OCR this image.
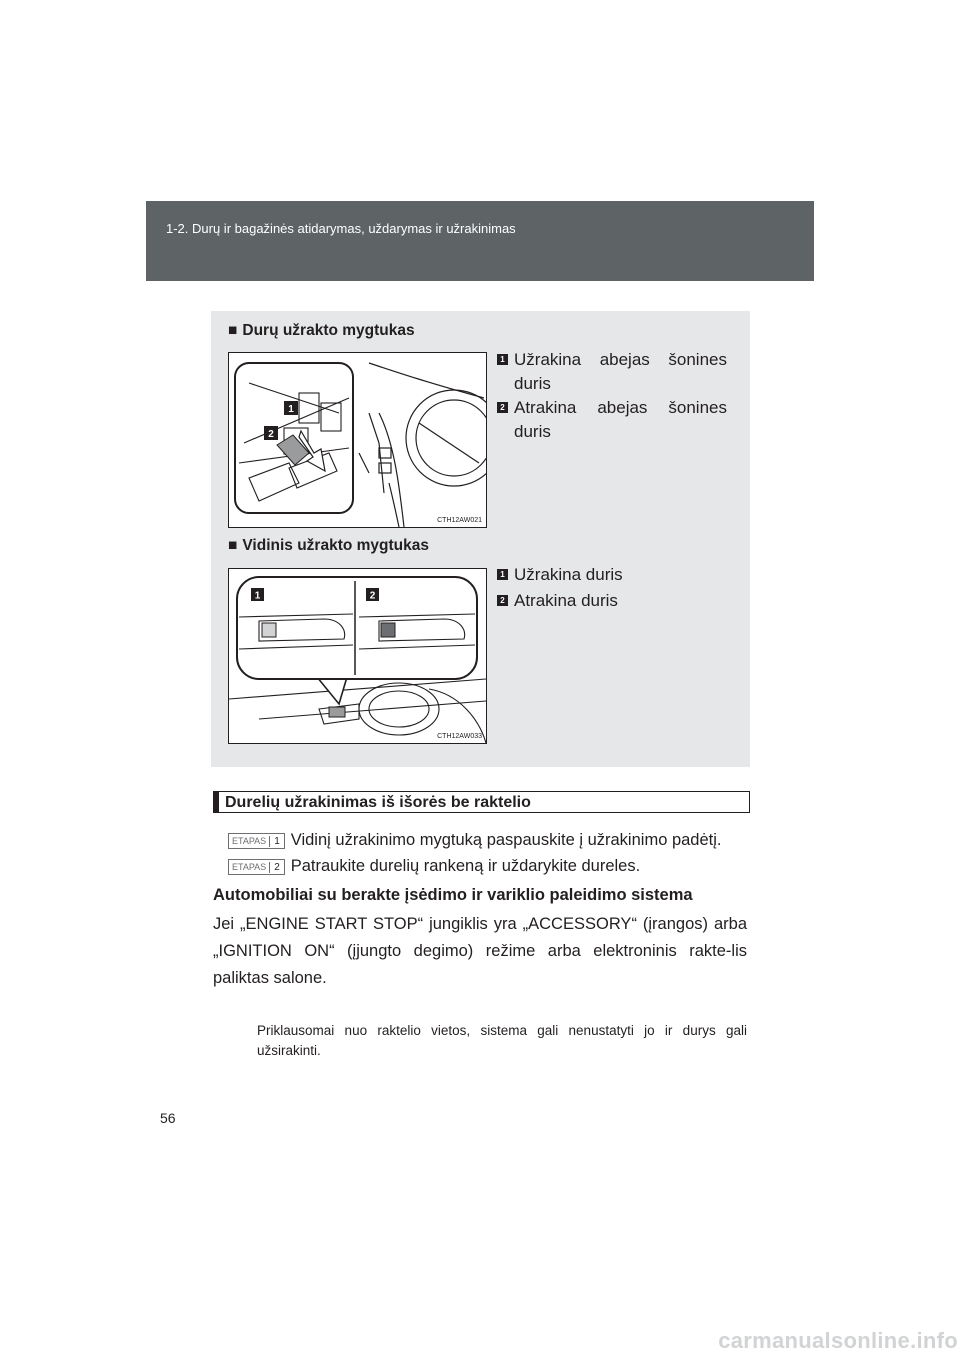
1-2. Durų ir bagažinės atidarymas, uždarymas ir užrakinimas
■ Durų užrakto mygtukas
1
2
CTH12AW021
1 Užrakina abejas šonines
duris
2 Atrakina abejas šonines
duris
■ Vidinis užrakto mygtukas
1	2
CTH12AW033
1 Užrakina duris
2 Atrakina duris
Durelių užrakinimas iš išorės be raktelio
ETAPAS 1 Vidinį užrakinimo mygtuką paspauskite į užrakinimo padėtį.
ETAPAS 2 Patraukite durelių rankeną ir uždarykite dureles.
Automobiliai su berakte įsėdimo ir variklio paleidimo sistema
Jei „ENGINE START STOP“ jungiklis yra „ACCESSORY“ (įrangos) arba „IGNITION ON“ (įjungto degimo) režime arba elektroninis rakte-lis paliktas salone.
Priklausomai nuo raktelio vietos, sistema gali nenustatyti jo ir durys gali užsirakinti.
56
carmanualsonline.info
